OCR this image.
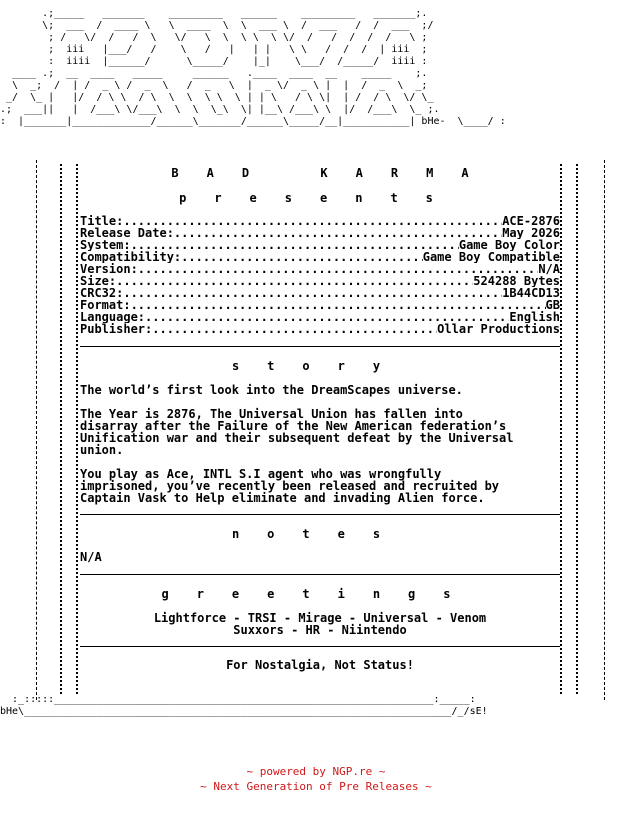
.;_____   _______    _________   ______    _________   _______;.
\;  ___  /  ____ \   \  ____  \  \  ___ \  /  ___   /  /  ___  ;/
; /   \/  /   /  \   \/   \  \  \ \  \ \/  /   /  /  /  /   \ ;
;  iii   |___/   /    \   /   |   | |   \ \   /  /  /  | iii  ;
:  iiii  |______/      \_____/    |_|    \___/  /_____/  iiii :
____ .;  __  ____   _____     ______   .____  ____  __    _____    ;.
\  _;  /  | /  _ \ /  _  \   /  _   \  |  _ \/  _ \ |  |  /  _  \  _;
_/  \_ |   |/  / \ \  / \  \  \  \ \  \ | | \   / \ \|  | /  / \  \/ \_
.;  ___||   |  /___\ \/___\  \  \  \_\  \| |__\ /___\ \  |/  /___\  \_ ;.
:  |_______|_____________/______\_______/______\_____/__|___________| bHe-  \____/ :
B A D	K A R M A
presents
Title: .....	ACE-2876
Release Date: .....	May 2026
System: .....	Game Boy Color
Compatibility: .....	Game Boy Compatible
Version: .....	N/A
Size: .....	524288 Bytes
CRC32: .....	1B44CD13
Format: .....	GB
Language: .....	English
Publisher: .....	Ollar Productions
story
The world’s first look into the DreamScapes universe.
The Year is 2876, The Universal Union has fallen into
disarray after the Failure of the New American federation’s
Unification war and their subsequent defeat by the Universal
union.
You play as Ace, INTL S.I agent who was wrongfully
imprisoned, you’ve recently been released and recruited by
Captain Vask to Help eliminate and invading Alien force.
notes
N/A
greetings
Lightforce - TRSI - Mirage - Universal - Venom
Suxxors - HR - Niintendo
For Nostalgia, Not Status!
:_:::::_______________________________________________________________:_____:
bHe\_______________________________________________________________________/_/sE!
~ powered by NGP.re ~
~ Next Generation of Pre Releases ~
